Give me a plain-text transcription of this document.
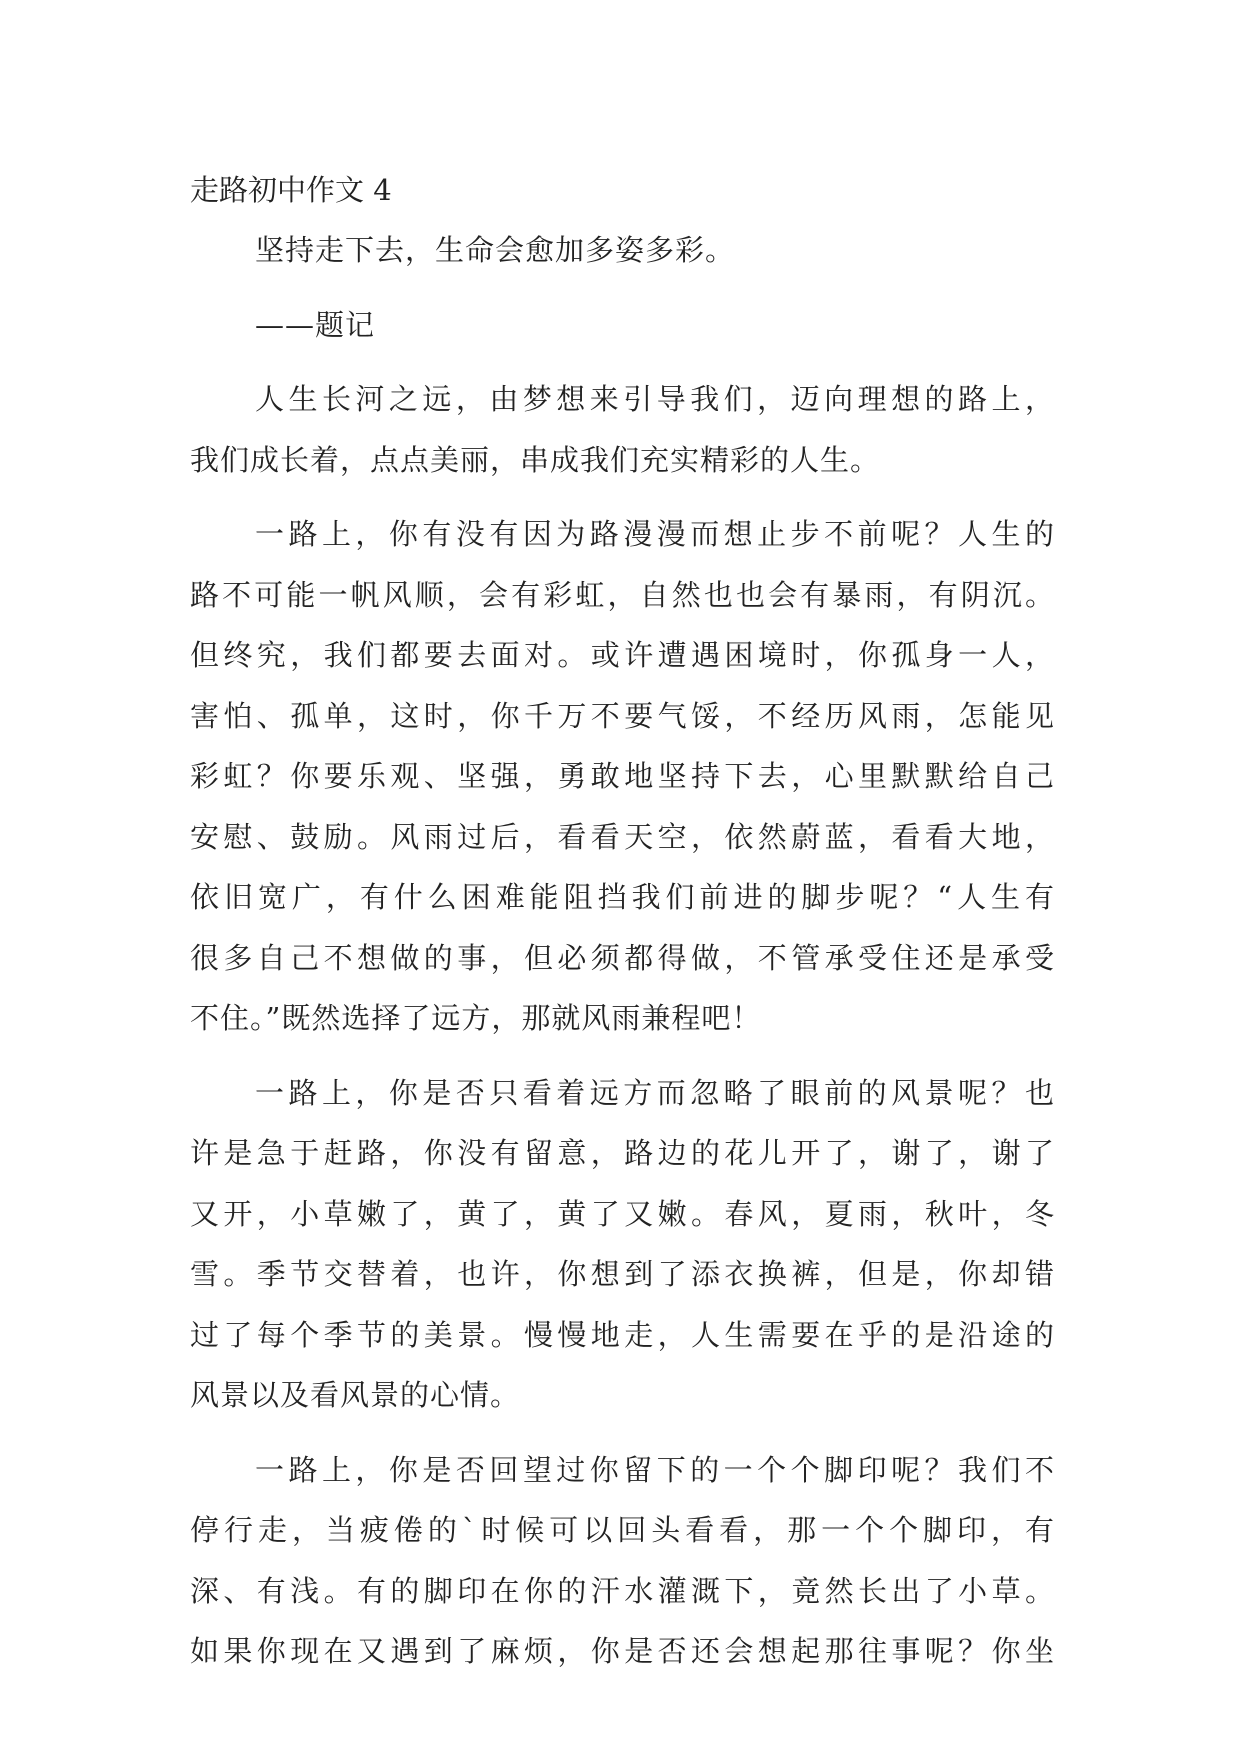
走路初中作文 4

坚持走下去，生命会愈加多姿多彩。

——题记

人生长河之远，由梦想来引导我们，迈向理想的路上，

我们成长着，点点美丽，串成我们充实精彩的人生。

一路上，你有没有因为路漫漫而想止步不前呢？人生的

路不可能一帆风顺，会有彩虹，自然也也会有暴雨，有阴沉。

但终究，我们都要去面对。或许遭遇困境时，你孤身一人，

害怕、孤单，这时，你千万不要气馁，不经历风雨，怎能见

彩虹？你要乐观、坚强，勇敢地坚持下去，心里默默给自己

安慰、鼓励。风雨过后，看看天空，依然蔚蓝，看看大地，

依旧宽广，有什么困难能阻挡我们前进的脚步呢？“人生有

很多自己不想做的事，但必须都得做，不管承受住还是承受

不住。”既然选择了远方，那就风雨兼程吧！

一路上，你是否只看着远方而忽略了眼前的风景呢？也

许是急于赶路，你没有留意，路边的花儿开了，谢了，谢了

又开，小草嫩了，黄了，黄了又嫩。春风，夏雨，秋叶，冬

雪。季节交替着，也许，你想到了添衣换裤，但是，你却错

过了每个季节的美景。慢慢地走，人生需要在乎的是沿途的

风景以及看风景的心情。

一路上，你是否回望过你留下的一个个脚印呢？我们不

停行走，当疲倦的`时候可以回头看看，那一个个脚印，有

深、有浅。有的脚印在你的汗水灌溉下，竟然长出了小草。

如果你现在又遇到了麻烦，你是否还会想起那往事呢？你坐
